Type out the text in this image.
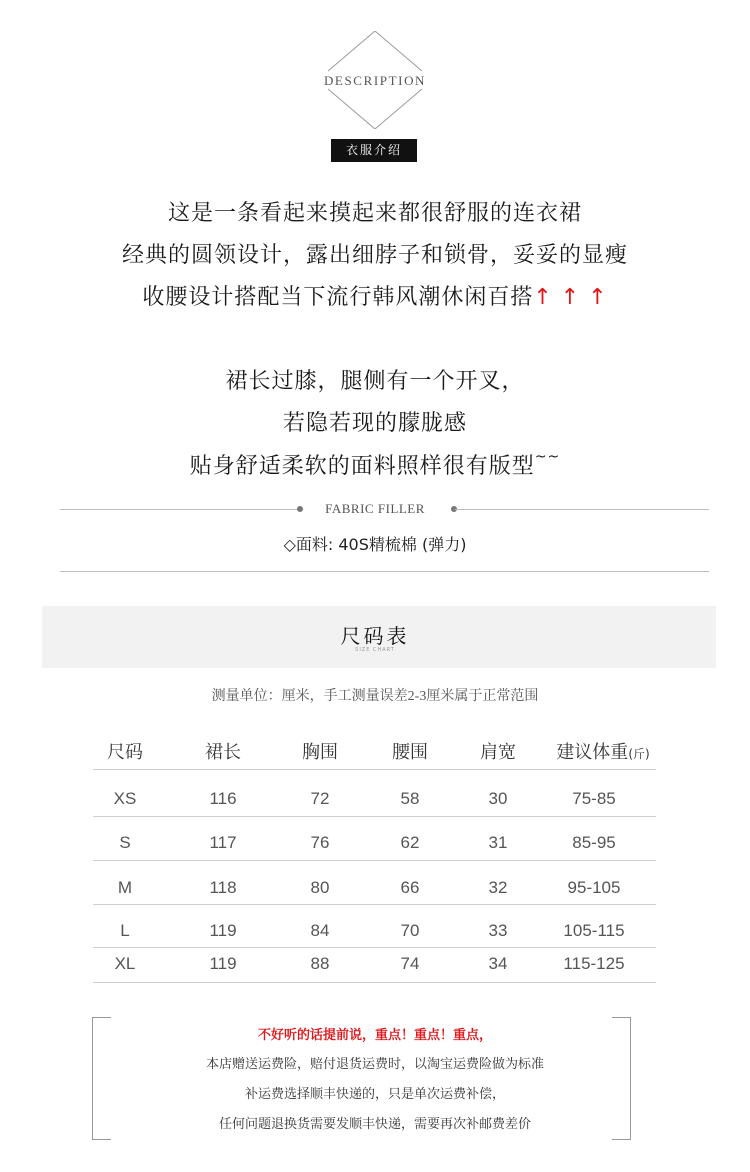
DESCRIPTION
衣服介绍
这是一条看起来摸起来都很舒服的连衣裙
经典的圆领设计，露出细脖子和锁骨，妥妥的显瘦
收腰设计搭配当下流行韩风潮休闲百搭↑ ↑ ↑
裙长过膝，腿侧有一个开叉，
若隐若现的朦胧感
贴身舒适柔软的面料照样很有版型~~
FABRIC FILLER
◇面料: 40S精梳棉 (弹力)
尺码表
SIZE CHART
测量单位：厘米，手工测量误差2-3厘米属于正常范围
尺码	裙长	胸围	腰围	肩宽	建议体重(斤)
XS	116	72	58	30	75-85
S	117	76	62	31	85-95
M	118	80	66	32	95-105
L	119	84	70	33	105-115
XL	119	88	74	34	115-125
不好听的话提前说，重点！重点！重点，
本店赠送运费险，赔付退货运费时，以淘宝运费险做为标准
补运费选择顺丰快递的，只是单次运费补偿，
任何问题退换货需要发顺丰快递，需要再次补邮费差价
